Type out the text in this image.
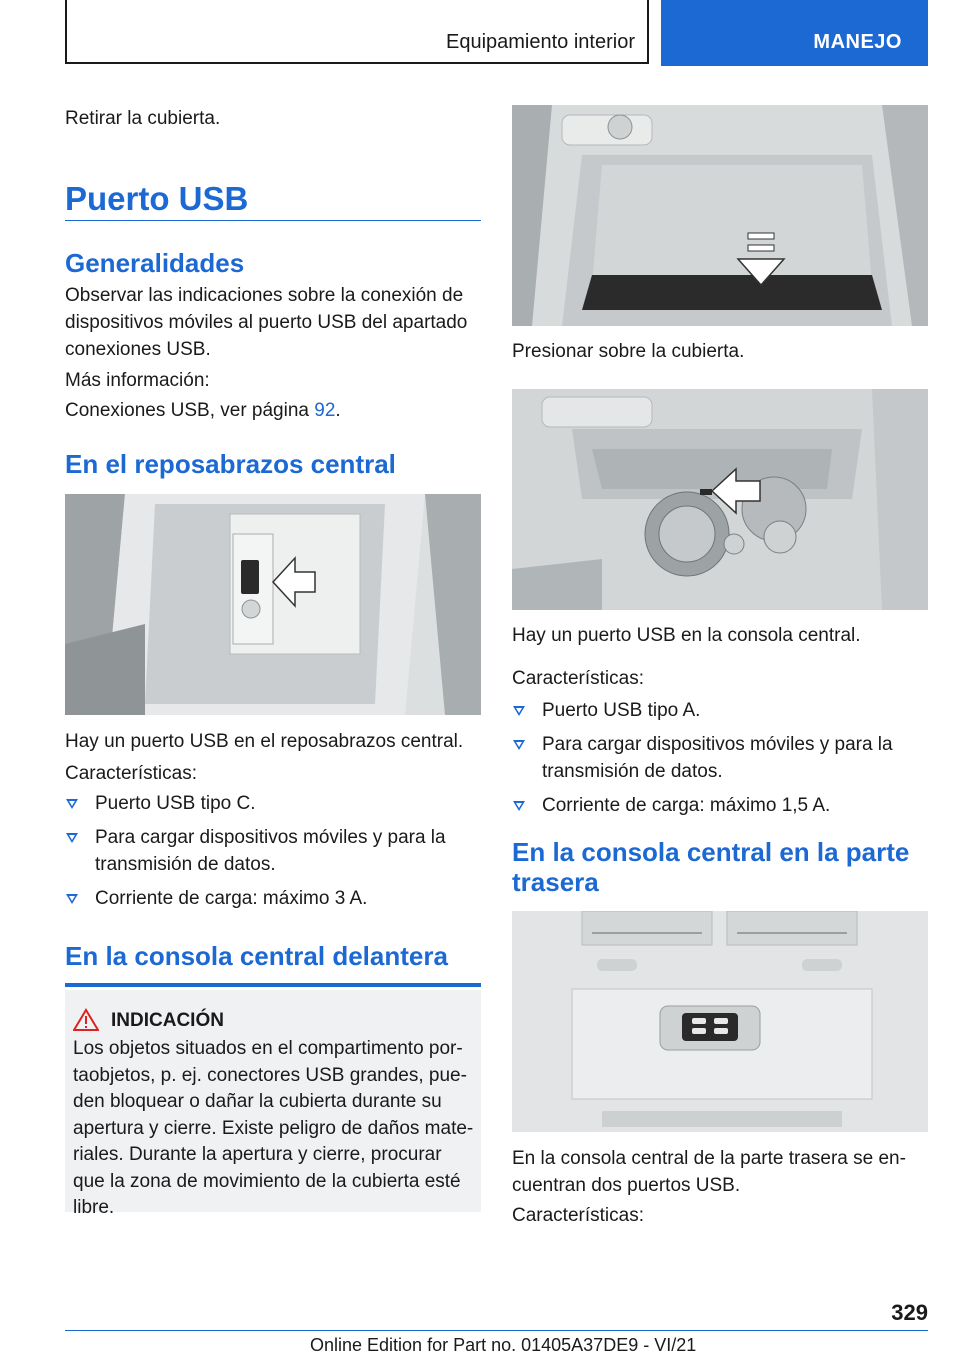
Equipamiento interior	MANEJO

Retirar la cubierta.

Puerto USB
Generalidades

Observar las indicaciones sobre la conexión de dispositivos móviles al puerto USB del apartado conexiones USB.

Más información:

Conexiones USB, ver página 92.

En el reposabrazos central

Hay un puerto USB en el reposabrazos central.

Características:

Puerto USB tipo C.
Para cargar dispositivos móviles y para la transmisión de datos.
Corriente de carga: máximo 3 A.
En la consola central delantera
INDICACIÓN
Los objetos situados en el compartimento por-taobjetos, p. ej. conectores USB grandes, pue-den bloquear o dañar la cubierta durante su apertura y cierre. Existe peligro de daños mate-riales. Durante la apertura y cierre, procurar que la zona de movimiento de la cubierta esté libre.

Presionar sobre la cubierta.

Hay un puerto USB en la consola central.

Características:

Puerto USB tipo A.
Para cargar dispositivos móviles y para la transmisión de datos.
Corriente de carga: máximo 1,5 A.
En la consola central en la parte trasera

En la consola central de la parte trasera se en-cuentran dos puertos USB.

Características:

329
Online Edition for Part no. 01405A37DE9 - VI/21
